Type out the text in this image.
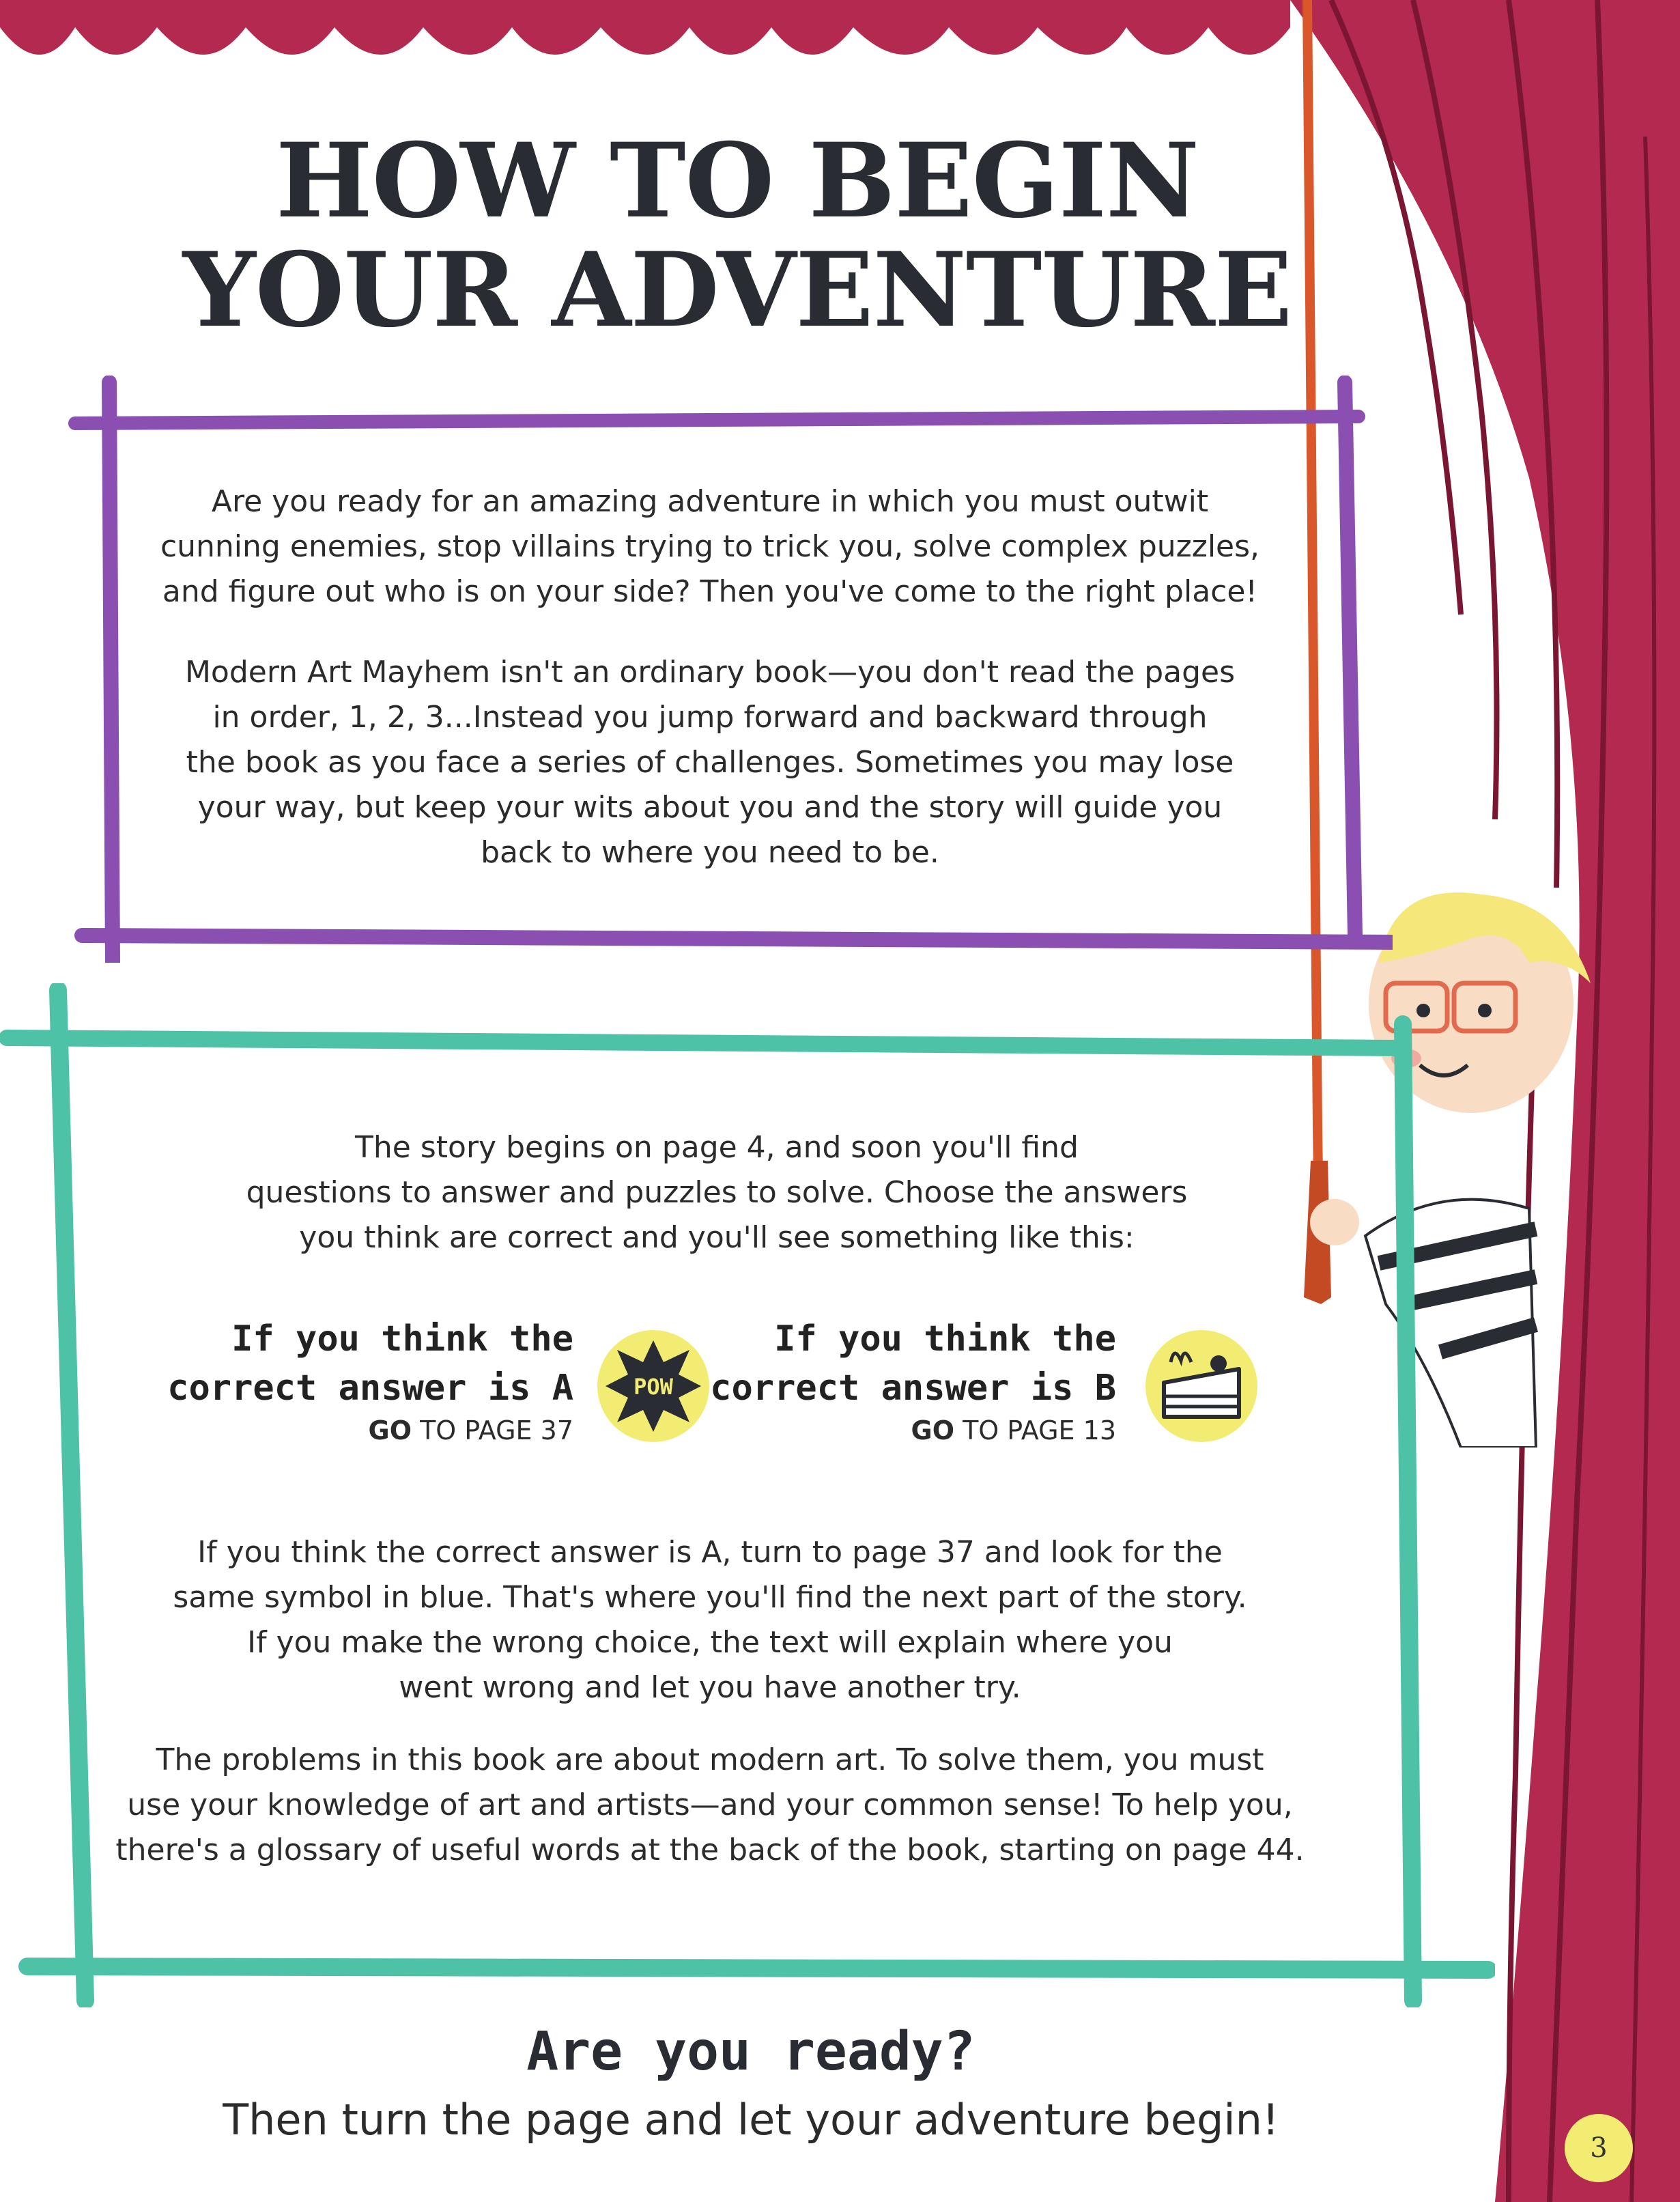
HOW TO BEGIN
YOUR ADVENTURE
Are you ready for an amazing adventure in which you must outwit
cunning enemies, stop villains trying to trick you, solve complex puzzles,
and figure out who is on your side? Then you've come to the right place!
Modern Art Mayhem isn't an ordinary book—you don't read the pages
in order, 1, 2, 3...Instead you jump forward and backward through
the book as you face a series of challenges. Sometimes you may lose
your way, but keep your wits about you and the story will guide you
back to where you need to be.
The story begins on page 4, and soon you'll find
questions to answer and puzzles to solve. Choose the answers
you think are correct and you'll see something like this:
If you think the
correct answer is A
GO TO PAGE 37
POW
If you think the
correct answer is B
GO TO PAGE 13
If you think the correct answer is A, turn to page 37 and look for the
same symbol in blue. That's where you'll find the next part of the story.
If you make the wrong choice, the text will explain where you
went wrong and let you have another try.
The problems in this book are about modern art. To solve them, you must
use your knowledge of art and artists—and your common sense! To help you,
there's a glossary of useful words at the back of the book, starting on page 44.
Are you ready?
Then turn the page and let your adventure begin!
3
